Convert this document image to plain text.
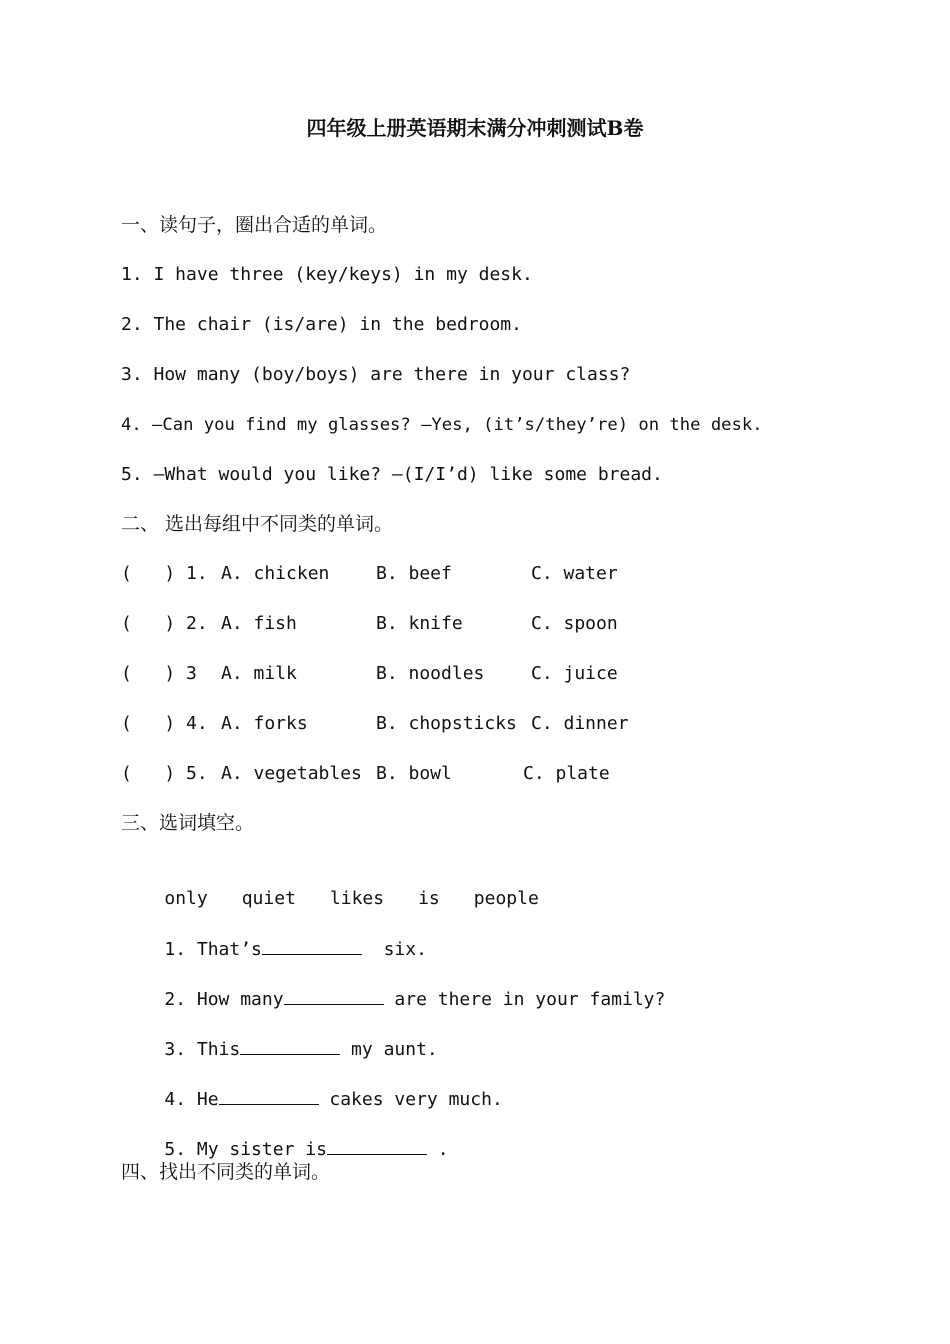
四年级上册英语期末满分冲刺测试B卷
一、读句子，圈出合适的单词。
1. I have three (key/keys) in my desk.
2. The chair (is/are) in the bedroom.
3. How many (boy/boys) are there in your class?
4. —Can you find my glasses? —Yes, (it’s/they’re) on the desk.
5. —What would you like? —(I/I’d) like some bread.
二、 选出每组中不同类的单词。
(   ) 1. A. chicken	B. beef	C. water
(   ) 2. A. fish	B. knife	C. spoon
(   ) 3	A. milk	B. noodles	C. juice
(   ) 4. A. forks	B. chopsticks C. dinner
(   ) 5. A. vegetables B. bowl	C. plate
三、选词填空。

only quiet likes is people

1. That’s	six.

2. How many	are there in your family?

3. This	my aunt.

4. He	cakes very much.

5. My sister is	.

四、找出不同类的单词。
